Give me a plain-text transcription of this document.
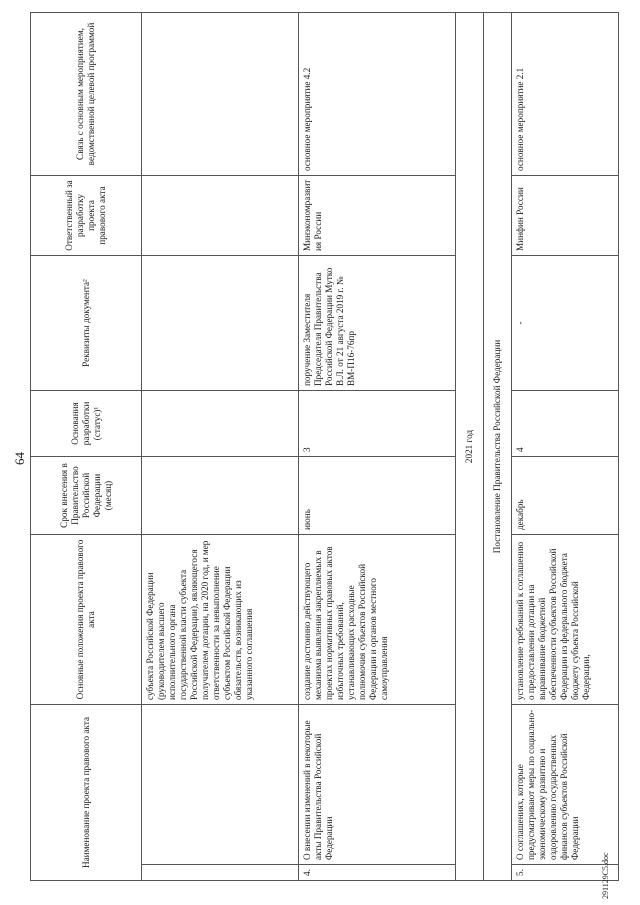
64
Наименование проекта правового акта		Основные положения проекта правового акта	Срок внесения в Правительство Российской Федерации (месяц)	Основания разработки (статус)¹	Реквизиты документа²	Ответственный за разработку проекта правового акта	Связь с основным мероприятием, ведомственной целевой программой
		субъекта Российской Федерации (руководителем высшего исполнительного органа государственной власти субъекта Российской Федерации), являющегося получателем дотации, на 2020 год, и мер ответственности за невыполнение субъектом Российской Федерации обязательств, возникающих из указанного соглашения					
4.	О внесении изменений в некоторые акты Правительства Российской Федерации	создание достоинно действующего механизма выявления закрепляемых в проектах нормативных правовых актов избыточных требований, устанавливающих расходные полномочия субъектов Российской Федерации и органов местного самоуправления	июнь	3	поручение Заместителя Председателя Правительства Российской Федерации Мутко В.Л. от 21 августа 2019 г. № ВМ-П16-76пр	Минэкономразвит ия России	основное мероприятие 4.2
2021 год							
Постановление Правительства Российской Федерации							
5.	О соглашениях, которые предусматривают меры по социально-экономическому развитию и оздоровлению государственных финансов субъектов Российской Федерации	установление требований к соглашению о предоставлении дотации на выравнивание бюджетной обеспеченности субъектов Российской Федерации из федерального бюджета бюджету субъекта Российской Федерации,	декабрь	4	-	Минфин России	основное мероприятие 2.1
291129C5.doc
